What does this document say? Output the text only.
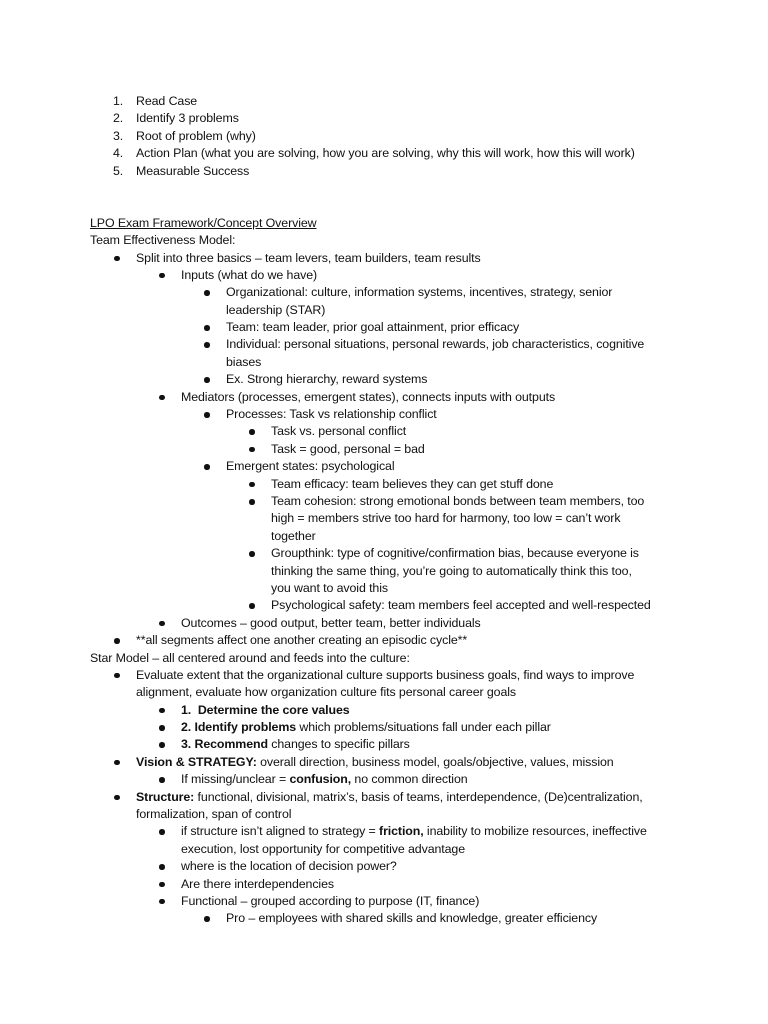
1. Read Case
2. Identify 3 problems
3. Root of problem (why)
4. Action Plan (what you are solving, how you are solving, why this will work, how this will work)
5. Measurable Success
LPO Exam Framework/Concept Overview
Team Effectiveness Model:
Split into three basics – team levers, team builders, team results
Inputs (what do we have)
Organizational: culture, information systems, incentives, strategy, senior
leadership (STAR)
Team: team leader, prior goal attainment, prior efficacy
Individual: personal situations, personal rewards, job characteristics, cognitive
biases
Ex. Strong hierarchy, reward systems
Mediators (processes, emergent states), connects inputs with outputs
Processes: Task vs relationship conflict
Task vs. personal conflict
Task = good, personal = bad
Emergent states: psychological
Team efficacy: team believes they can get stuff done
Team cohesion: strong emotional bonds between team members, too
high = members strive too hard for harmony, too low = can’t work
together
Groupthink: type of cognitive/confirmation bias, because everyone is
thinking the same thing, you’re going to automatically think this too,
you want to avoid this
Psychological safety: team members feel accepted and well-respected
Outcomes – good output, better team, better individuals
**all segments affect one another creating an episodic cycle**
Star Model – all centered around and feeds into the culture:
Evaluate extent that the organizational culture supports business goals, find ways to improve
alignment, evaluate how organization culture fits personal career goals
1.  Determine the core values
2. Identify problems which problems/situations fall under each pillar
3. Recommend changes to specific pillars
Vision & STRATEGY: overall direction, business model, goals/objective, values, mission
If missing/unclear = confusion, no common direction
Structure: functional, divisional, matrix’s, basis of teams, interdependence, (De)centralization,
formalization, span of control
if structure isn’t aligned to strategy = friction, inability to mobilize resources, ineffective
execution, lost opportunity for competitive advantage
where is the location of decision power?
Are there interdependencies
Functional – grouped according to purpose (IT, finance)
Pro – employees with shared skills and knowledge, greater efficiency
